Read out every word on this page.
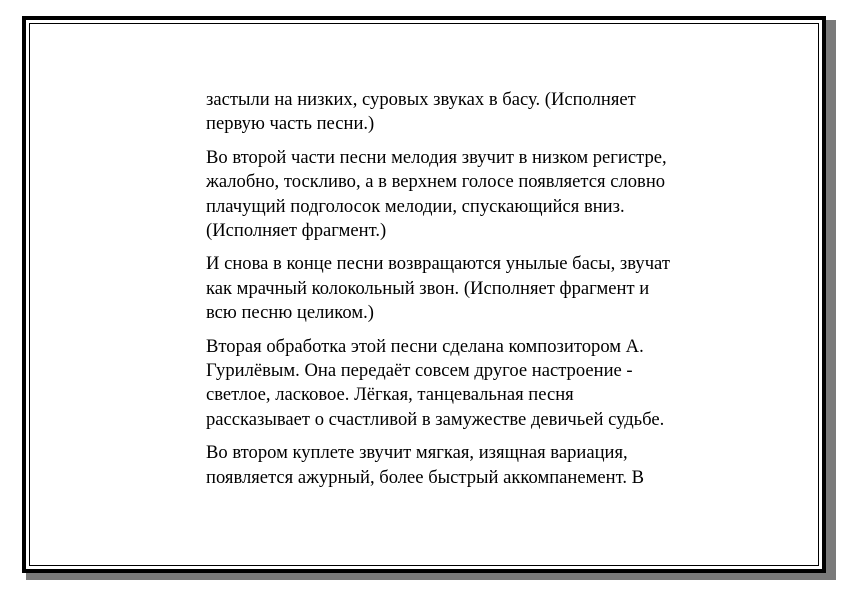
застыли на низких, суровых звуках в басу. (Исполняет
первую часть песни.)

Во второй части песни мелодия звучит в низком регистре,
жалобно, тоскливо, а в верхнем голосе появляется словно
плачущий подголосок мелодии, спускающийся вниз.
(Исполняет фрагмент.)

И снова в конце песни возвращаются унылые басы, звучат
как мрачный колокольный звон. (Исполняет фрагмент и
всю песню целиком.)

Вторая обработка этой песни сделана композитором А.
Гурилёвым. Она передаёт совсем другое настроение -
светлое, ласковое. Лёгкая, танцевальная песня
рассказывает о счастливой в замужестве девичьей судьбе.

Во втором куплете звучит мягкая, изящная вариация,
появляется ажурный, более быстрый аккомпанемент. В
